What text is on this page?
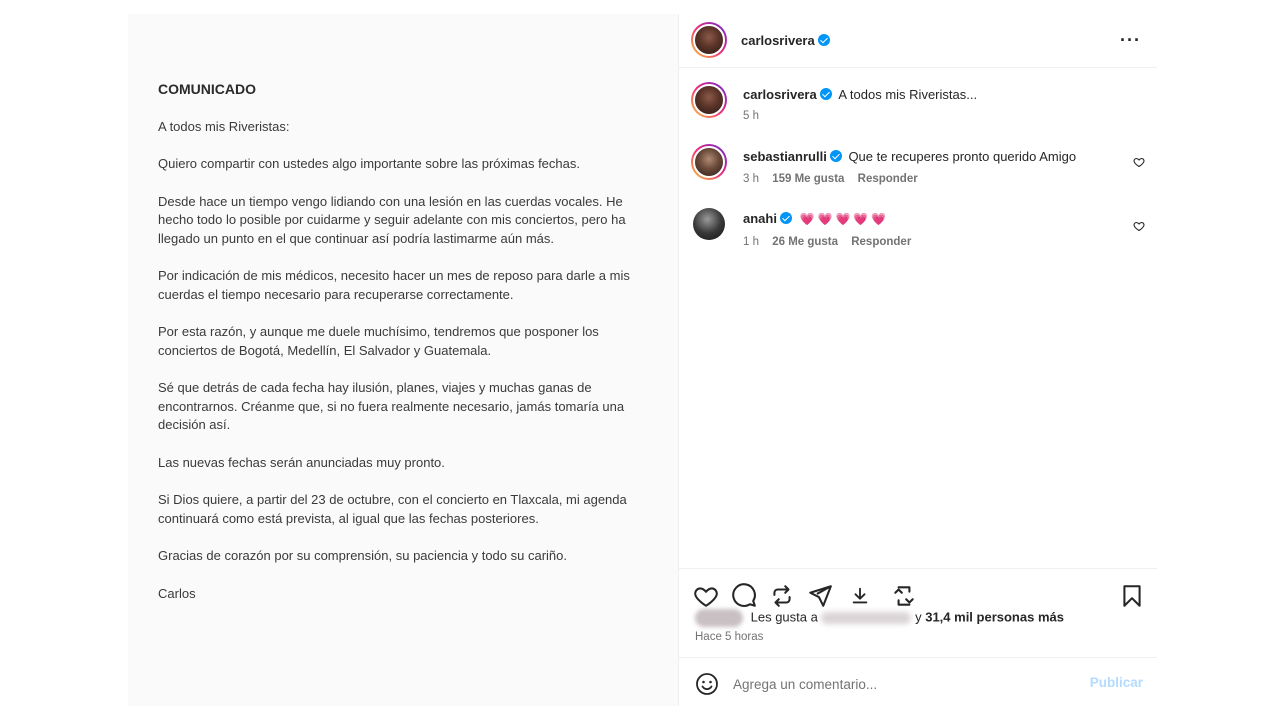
COMUNICADO

A todos mis Riveristas:

Quiero compartir con ustedes algo importante sobre las próximas fechas.

Desde hace un tiempo vengo lidiando con una lesión en las cuerdas vocales. He hecho todo lo posible por cuidarme y seguir adelante con mis conciertos, pero ha llegado un punto en el que continuar así podría lastimarme aún más.

Por indicación de mis médicos, necesito hacer un mes de reposo para darle a mis cuerdas el tiempo necesario para recuperarse correctamente.

Por esta razón, y aunque me duele muchísimo, tendremos que posponer los conciertos de Bogotá, Medellín, El Salvador y Guatemala.

Sé que detrás de cada fecha hay ilusión, planes, viajes y muchas ganas de encontrarnos. Créanme que, si no fuera realmente necesario, jamás tomaría una decisión así.

Las nuevas fechas serán anunciadas muy pronto.

Si Dios quiere, a partir del 23 de octubre, con el concierto en Tlaxcala, mi agenda continuará como está prevista, al igual que las fechas posteriores.

Gracias de corazón por su comprensión, su paciencia y todo su cariño.

Carlos

carlosrivera	···
carlosrivera A todos mis Riveristas...
5 h
sebastianrulli Que te recuperes pronto querido Amigo
3 h 159 Me gusta Responder
anahi 💗💗💗💗💗
1 h 26 Me gusta Responder
Les gusta a	y 31,4 mil personas más
Hace 5 horas
Agrega un comentario...
Publicar
